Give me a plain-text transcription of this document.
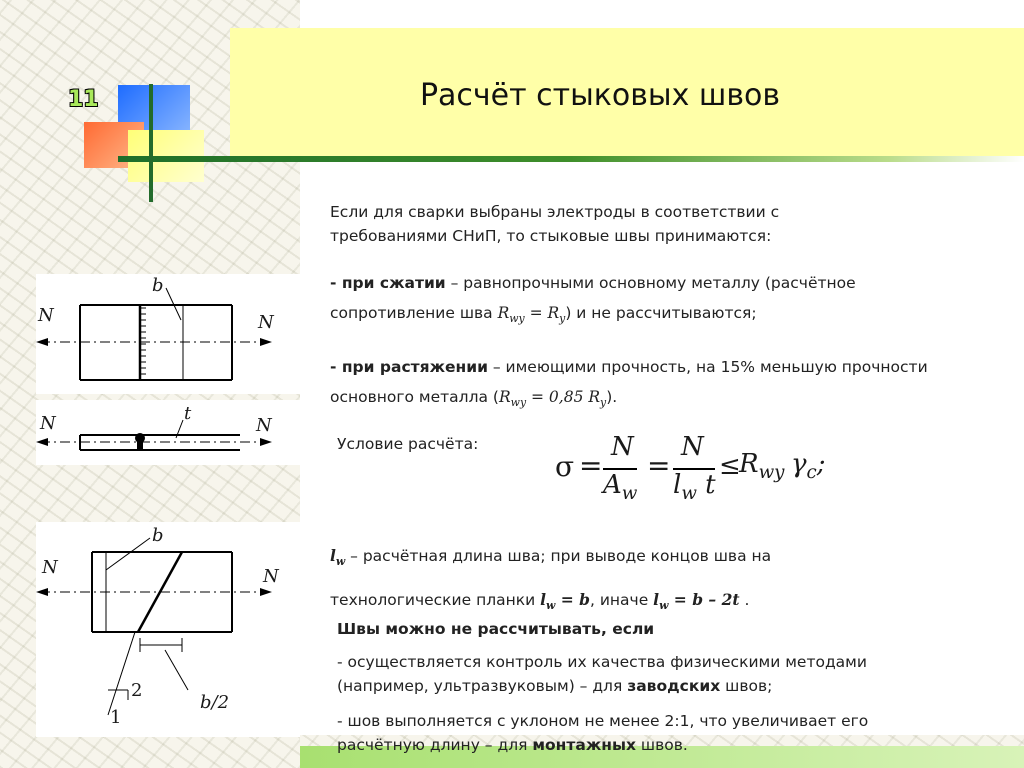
11	Расчёт стыковых швов
b
N	N
N	t
N
b
N	N
2
1
b/2
Если для сварки выбраны электроды в соответствии с требованиями СНиП, то стыковые швы принимаются:
- при сжатии – равнопрочными основному металлу (расчётное сопротивление шва $R_{wy} = R_y$) и не рассчитываются;
- при растяжении – имеющими прочность, на 15% меньшую прочности основного металла ($R_{wy} = 0,85$ $R_y$).
Условие расчёта:
σ =
N
$A_w$
=
N
$l_w$ t
≤
$R_{wy}$ $\gamma_c$;
$l_w$ – расчётная длина шва; при выводе концов шва на технологические планки $l_w = b$, иначе $l_w = b - 2t$ .
Швы можно не рассчитывать, если
- осуществляется контроль их качества физическими методами (например, ультразвуковым) – для заводских швов;
- шов выполняется с уклоном не менее 2:1, что увеличивает его расчётную длину – для монтажных швов.
